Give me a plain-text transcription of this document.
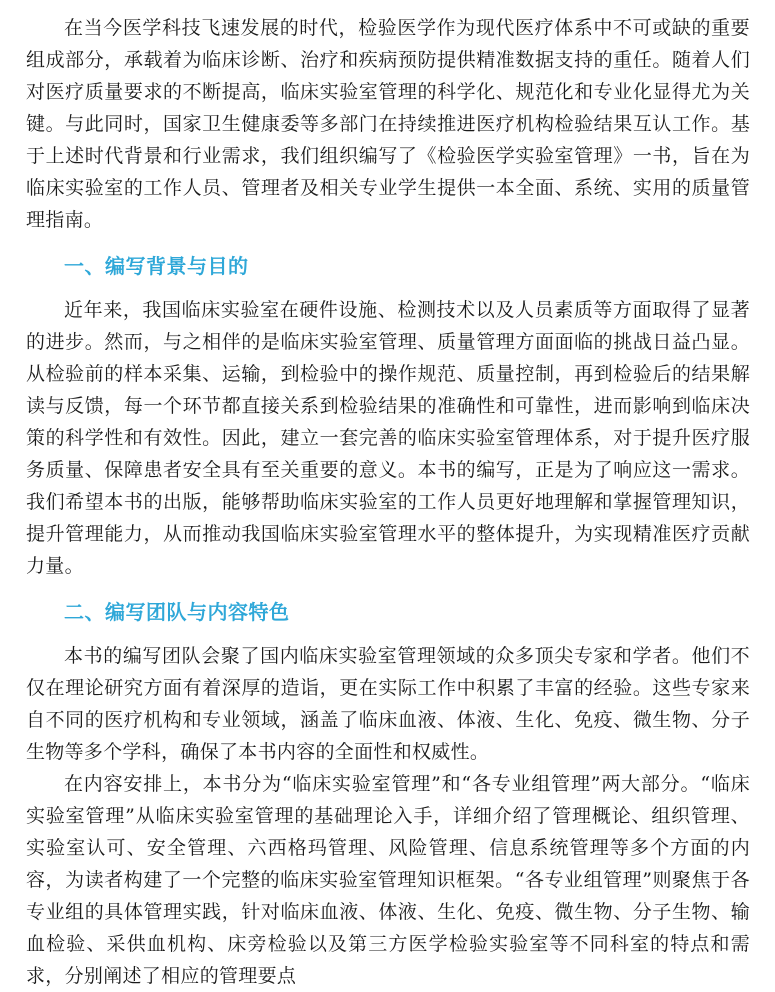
在当今医学科技飞速发展的时代，检验医学作为现代医疗体系中不可或缺的重要组成部分，承载着为临床诊断、治疗和疾病预防提供精准数据支持的重任。随着人们对医疗质量要求的不断提高，临床实验室管理的科学化、规范化和专业化显得尤为关键。与此同时，国家卫生健康委等多部门在持续推进医疗机构检验结果互认工作。基于上述时代背景和行业需求，我们组织编写了《检验医学实验室管理》一书，旨在为临床实验室的工作人员、管理者及相关专业学生提供一本全面、系统、实用的质量管理指南。

一、编写背景与目的

近年来，我国临床实验室在硬件设施、检测技术以及人员素质等方面取得了显著的进步。然而，与之相伴的是临床实验室管理、质量管理方面面临的挑战日益凸显。从检验前的样本采集、运输，到检验中的操作规范、质量控制，再到检验后的结果解读与反馈，每一个环节都直接关系到检验结果的准确性和可靠性，进而影响到临床决策的科学性和有效性。因此，建立一套完善的临床实验室管理体系，对于提升医疗服务质量、保障患者安全具有至关重要的意义。本书的编写，正是为了响应这一需求。我们希望本书的出版，能够帮助临床实验室的工作人员更好地理解和掌握管理知识，提升管理能力，从而推动我国临床实验室管理水平的整体提升，为实现精准医疗贡献力量。

二、编写团队与内容特色

本书的编写团队会聚了国内临床实验室管理领域的众多顶尖专家和学者。他们不仅在理论研究方面有着深厚的造诣，更在实际工作中积累了丰富的经验。这些专家来自不同的医疗机构和专业领域，涵盖了临床血液、体液、生化、免疫、微生物、分子生物等多个学科，确保了本书内容的全面性和权威性。

在内容安排上，本书分为“临床实验室管理”和“各专业组管理”两大部分。“临床实验室管理”从临床实验室管理的基础理论入手，详细介绍了管理概论、组织管理、实验室认可、安全管理、六西格玛管理、风险管理、信息系统管理等多个方面的内容，为读者构建了一个完整的临床实验室管理知识框架。“各专业组管理”则聚焦于各专业组的具体管理实践，针对临床血液、体液、生化、免疫、微生物、分子生物、输血检验、采供血机构、床旁检验以及第三方医学检验实验室等不同科室的特点和需求，分别阐述了相应的管理要点
